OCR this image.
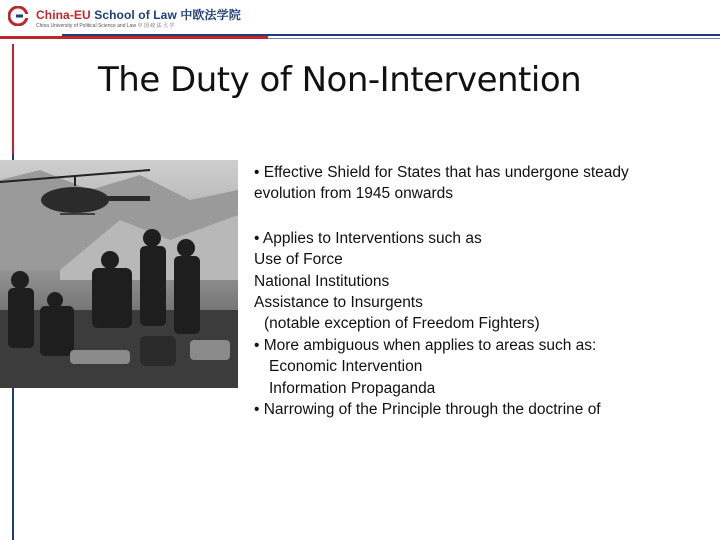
China-EU School of Law 中欧法学院
China University of Political Science and Law 中 国 政 法 大 学
The Duty of Non-Intervention
• Effective Shield for States that has undergone steady
evolution from 1945 onwards
• Applies to Interventions such as
Use of Force
National Institutions
Assistance to Insurgents
(notable exception of Freedom Fighters)
• More ambiguous when applies to areas such as:
Economic Intervention
Information Propaganda
• Narrowing of the Principle through the doctrine of
